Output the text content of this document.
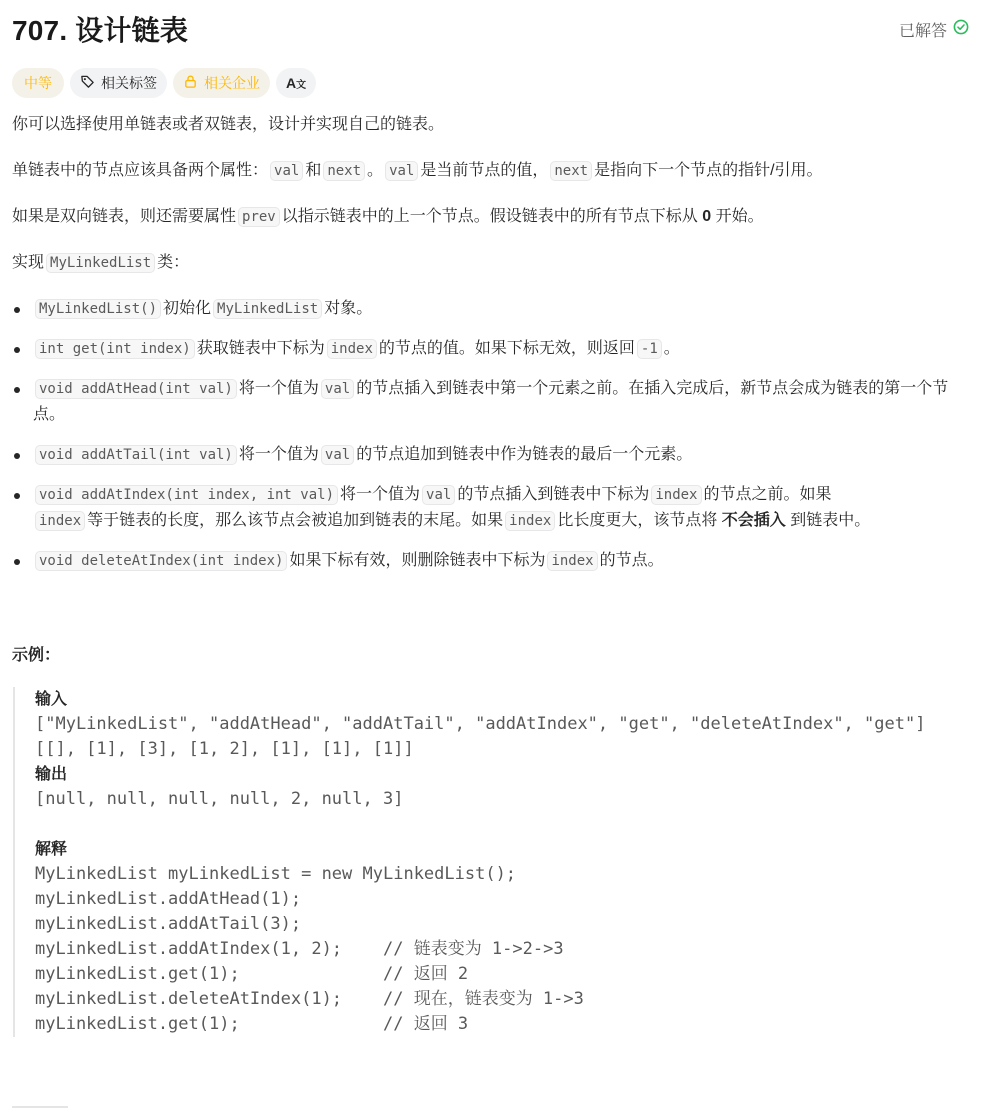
707. 设计链表	已解答
中等	相关标签	相关企业 A文

你可以选择使用单链表或者双链表，设计并实现自己的链表。

单链表中的节点应该具备两个属性： val 和 next 。 val 是当前节点的值， next 是指向下一个节点的指针/引用。

如果是双向链表，则还需要属性 prev 以指示链表中的上一个节点。假设链表中的所有节点下标从 0 开始。

实现 MyLinkedList 类：

MyLinkedList() 初始化 MyLinkedList 对象。
int get(int index) 获取链表中下标为 index 的节点的值。如果下标无效，则返回 -1 。
void addAtHead(int val) 将一个值为 val 的节点插入到链表中第一个元素之前。在插入完成后，新节点会成为链表的第一个节点。
void addAtTail(int val) 将一个值为 val 的节点追加到链表中作为链表的最后一个元素。
void addAtIndex(int index, int val) 将一个值为 val 的节点插入到链表中下标为 index 的节点之前。如果
index 等于链表的长度，那么该节点会被追加到链表的末尾。如果 index 比长度更大，该节点将 不会插入 到链表中。
void deleteAtIndex(int index) 如果下标有效，则删除链表中下标为 index 的节点。
示例：
输入
["MyLinkedList", "addAtHead", "addAtTail", "addAtIndex", "get", "deleteAtIndex", "get"]
[[], [1], [3], [1, 2], [1], [1], [1]]
输出
[null, null, null, null, 2, null, 3]
解释
MyLinkedList myLinkedList = new MyLinkedList();
myLinkedList.addAtHead(1);
myLinkedList.addAtTail(3);
myLinkedList.addAtIndex(1, 2);    // 链表变为 1->2->3
myLinkedList.get(1);              // 返回 2
myLinkedList.deleteAtIndex(1);    // 现在，链表变为 1->3
myLinkedList.get(1);              // 返回 3
